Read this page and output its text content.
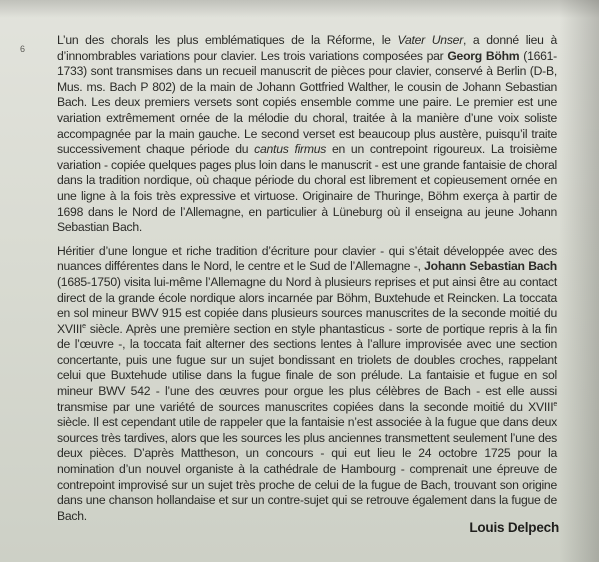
6

L’un des chorals les plus emblématiques de la Réforme, le Vater Unser, a donné lieu à d’innombrables variations pour clavier. Les trois variations composées par Georg Böhm (1661-1733) sont transmises dans un recueil manuscrit de pièces pour clavier, conservé à Berlin (D-B, Mus. ms. Bach P 802) de la main de Johann Gottfried Walther, le cousin de Johann Sebastian Bach. Les deux premiers versets sont copiés ensemble comme une paire. Le premier est une variation extrêmement ornée de la mélodie du choral, traitée à la manière d’une voix soliste accompagnée par la main gauche. Le second verset est beaucoup plus austère, puisqu’il traite successivement chaque période du cantus firmus en un contrepoint rigoureux. La troisième variation - copiée quelques pages plus loin dans le manuscrit - est une grande fantaisie de choral dans la tradition nordique, où chaque période du choral est librement et copieusement ornée en une ligne à la fois très expressive et virtuose. Originaire de Thuringe, Böhm exerça à partir de 1698 dans le Nord de l’Allemagne, en particulier à Lüneburg où il enseigna au jeune Johann Sebastian Bach.

Héritier d’une longue et riche tradition d’écriture pour clavier - qui s’était développée avec des nuances différentes dans le Nord, le centre et le Sud de l’Allemagne -, Johann Sebastian Bach (1685-1750) visita lui-même l’Allemagne du Nord à plusieurs reprises et put ainsi être au contact direct de la grande école nordique alors incarnée par Böhm, Buxtehude et Reincken. La toccata en sol mineur BWV 915 est copiée dans plusieurs sources manuscrites de la seconde moitié du XVIIIe siècle. Après une première section en style phantasticus - sorte de portique repris à la fin de l’œuvre -, la toccata fait alterner des sections lentes à l’allure improvisée avec une section concertante, puis une fugue sur un sujet bondissant en triolets de doubles croches, rappelant celui que Buxtehude utilise dans la fugue finale de son prélude. La fantaisie et fugue en sol mineur BWV 542 - l’une des œuvres pour orgue les plus célèbres de Bach - est elle aussi transmise par une variété de sources manuscrites copiées dans la seconde moitié du XVIIIe siècle. Il est cependant utile de rappeler que la fantaisie n’est associée à la fugue que dans deux sources très tardives, alors que les sources les plus anciennes transmettent seulement l’une des deux pièces. D’après Mattheson, un concours - qui eut lieu le 24 octobre 1725 pour la nomination d’un nouvel organiste à la cathédrale de Hambourg - comprenait une épreuve de contrepoint improvisé sur un sujet très proche de celui de la fugue de Bach, trouvant son origine dans une chanson hollandaise et sur un contre-sujet qui se retrouve également dans la fugue de Bach.

Louis Delpech
